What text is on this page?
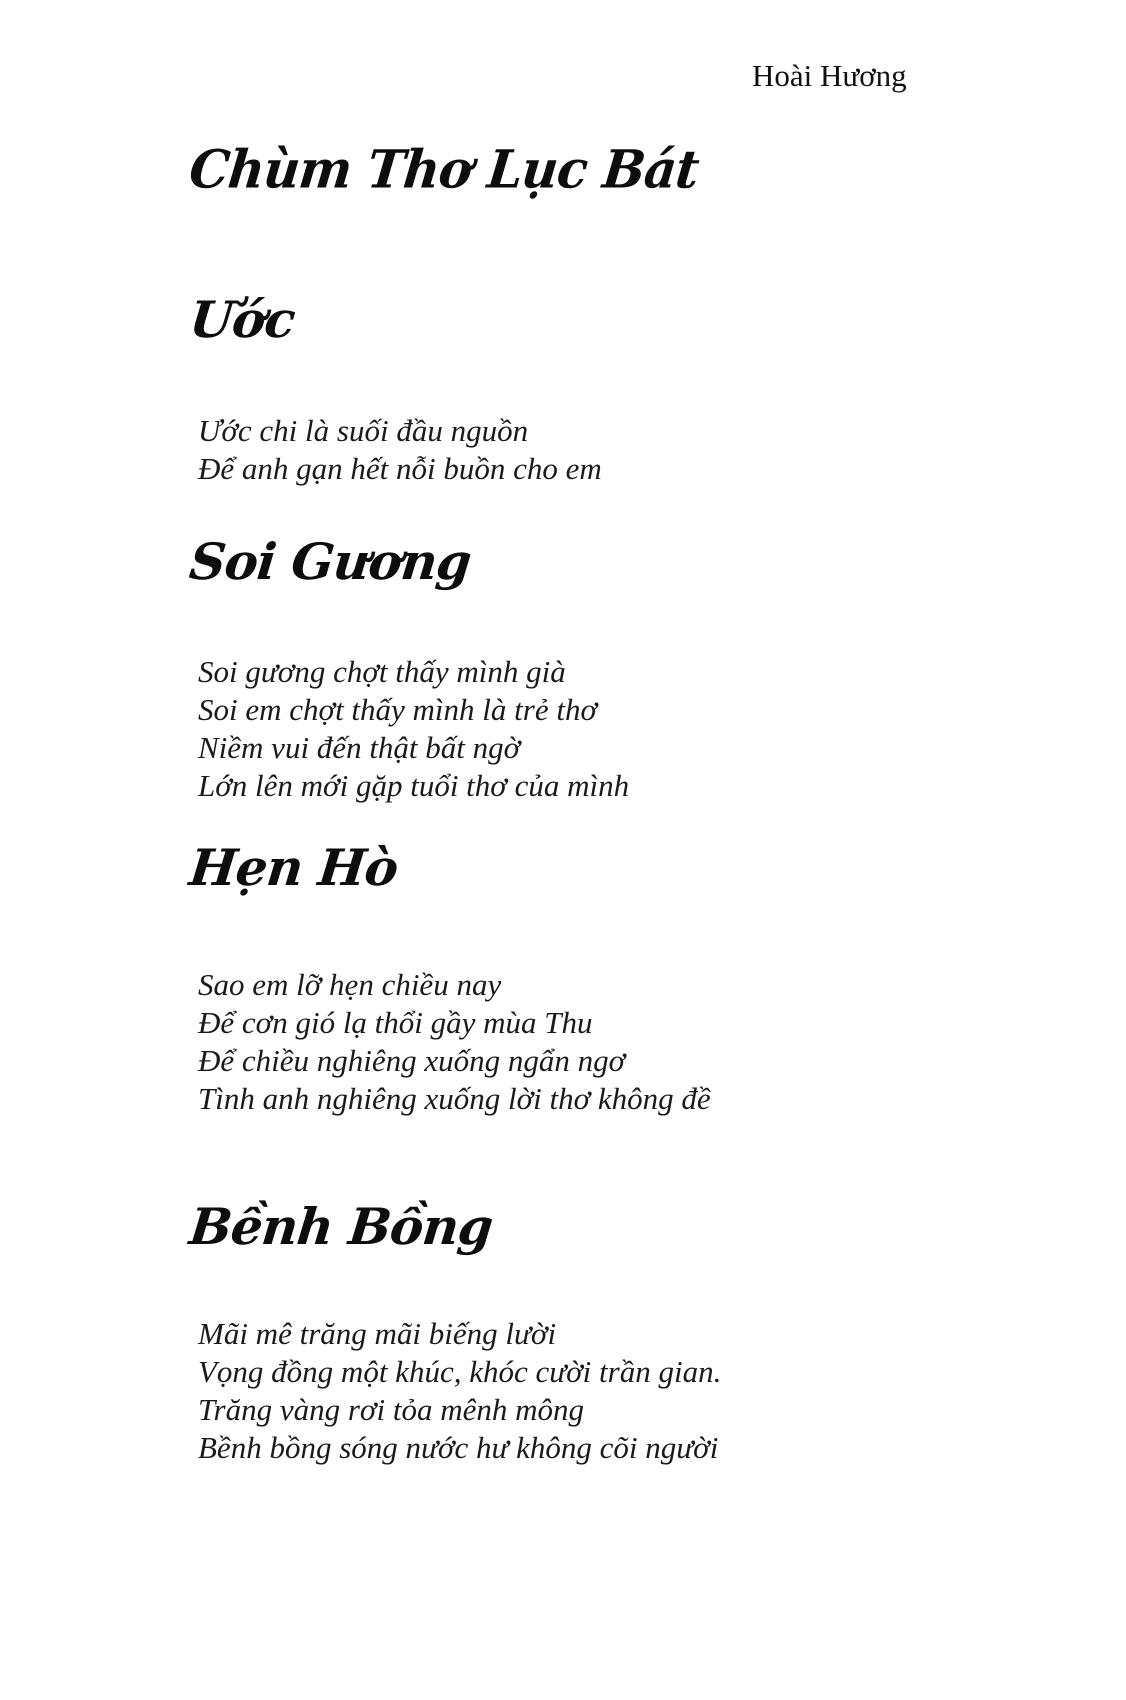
Hoài Hương
Chùm Thơ Lục Bát
Ước
Ước chi là suối đầu nguồn
Để anh gạn hết nỗi buồn cho em
Soi Gương
Soi gương chợt thấy mình già
Soi em chợt thấy mình là trẻ thơ
Niềm vui đến thật bất ngờ
Lớn lên mới gặp tuổi thơ của mình
Hẹn Hò
Sao em lỡ hẹn chiều nay
Để cơn gió lạ thổi gầy mùa Thu
Để chiều nghiêng xuống ngẩn ngơ
Tình anh nghiêng xuống lời thơ không đề
Bềnh Bồng
Mãi mê trăng mãi biếng lười
Vọng đồng một khúc, khóc cười trần gian.
Trăng vàng rơi tỏa mênh mông
Bềnh bồng sóng nước hư không cõi người
